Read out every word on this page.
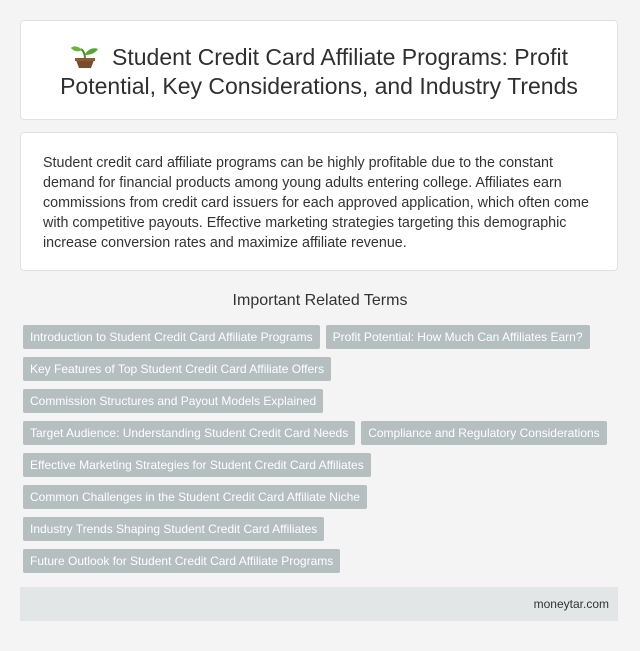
Student Credit Card Affiliate Programs: Profit Potential, Key Considerations, and Industry Trends

Student credit card affiliate programs can be highly profitable due to the constant demand for financial products among young adults entering college. Affiliates earn commissions from credit card issuers for each approved application, which often come with competitive payouts. Effective marketing strategies targeting this demographic increase conversion rates and maximize affiliate revenue.

Important Related Terms
Introduction to Student Credit Card Affiliate Programs Profit Potential: How Much Can Affiliates Earn?
Key Features of Top Student Credit Card Affiliate Offers
Commission Structures and Payout Models Explained
Target Audience: Understanding Student Credit Card Needs Compliance and Regulatory Considerations
Effective Marketing Strategies for Student Credit Card Affiliates
Common Challenges in the Student Credit Card Affiliate Niche
Industry Trends Shaping Student Credit Card Affiliates
Future Outlook for Student Credit Card Affiliate Programs
moneytar.com
